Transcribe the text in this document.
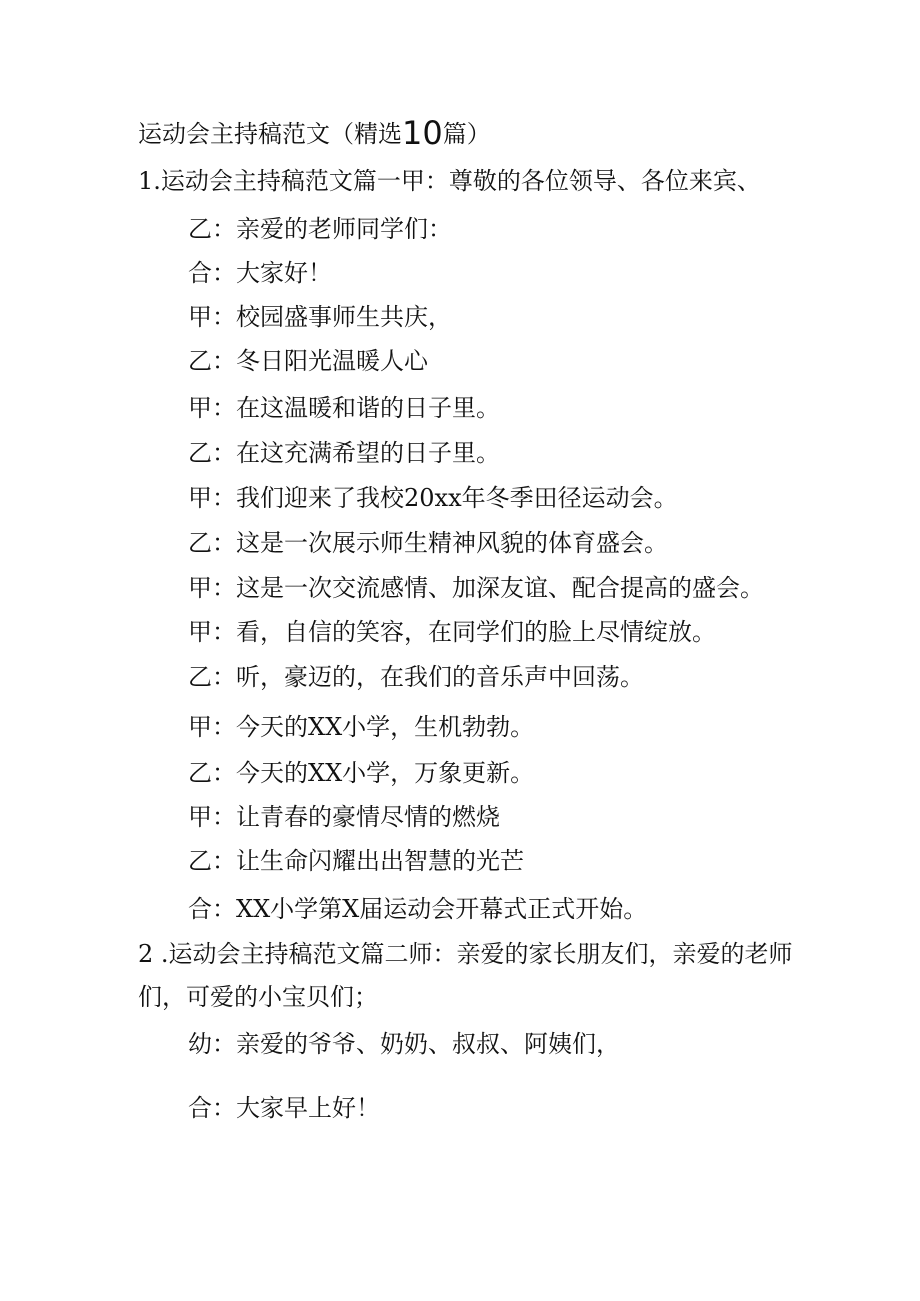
运动会主持稿范文（精选10篇）
1.运动会主持稿范文篇一甲：尊敬的各位领导、各位来宾、
乙：亲爱的老师同学们：
合：大家好！
甲：校园盛事师生共庆，
乙：冬日阳光温暖人心
甲：在这温暖和谐的日子里。
乙：在这充满希望的日子里。
甲：我们迎来了我校20xx年冬季田径运动会。
乙：这是一次展示师生精神风貌的体育盛会。
甲：这是一次交流感情、加深友谊、配合提高的盛会。
甲：看，自信的笑容，在同学们的脸上尽情绽放。
乙：听，豪迈的，在我们的音乐声中回荡。
甲：今天的XX小学，生机勃勃。
乙：今天的XX小学，万象更新。
甲：让青春的豪情尽情的燃烧
乙：让生命闪耀出出智慧的光芒
合：XX小学第X届运动会开幕式正式开始。
2 .运动会主持稿范文篇二师：亲爱的家长朋友们，亲爱的老师
们，可爱的小宝贝们；
幼：亲爱的爷爷、奶奶、叔叔、阿姨们，
合：大家早上好！
